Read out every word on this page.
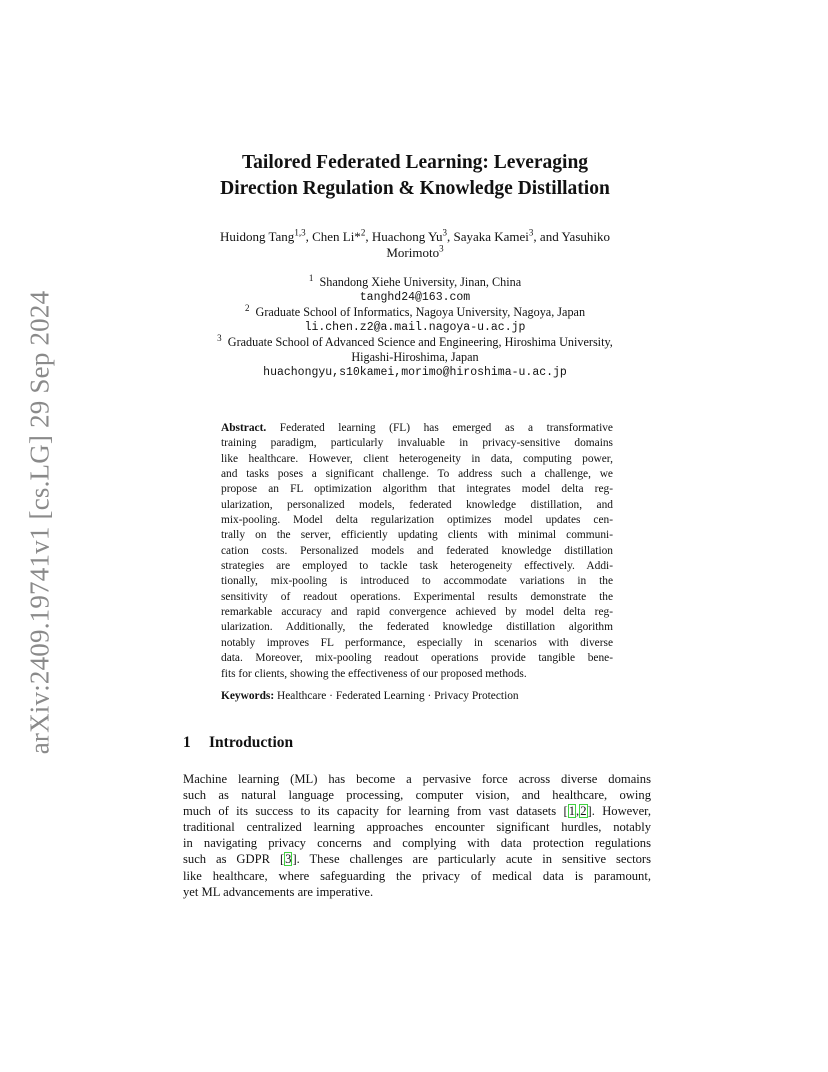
arXiv:2409.19741v1 [cs.LG] 29 Sep 2024
Tailored Federated Learning: Leveraging
Direction Regulation & Knowledge Distillation
Huidong Tang$^{1,3}$, Chen Li*$^2$, Huachong Yu$^3$, Sayaka Kamei$^3$, and Yasuhiko
Morimoto$^3$
$^1$ Shandong Xiehe University, Jinan, China
tanghd24@163.com
$^2$ Graduate School of Informatics, Nagoya University, Nagoya, Japan
li.chen.z2@a.mail.nagoya-u.ac.jp
$^3$ Graduate School of Advanced Science and Engineering, Hiroshima University,
Higashi-Hiroshima, Japan
huachongyu,s10kamei,morimo@hiroshima-u.ac.jp
Abstract. Federated learning (FL) has emerged as a transformative
training paradigm, particularly invaluable in privacy-sensitive domains
like healthcare. However, client heterogeneity in data, computing power,
and tasks poses a significant challenge. To address such a challenge, we
propose an FL optimization algorithm that integrates model delta reg-
ularization, personalized models, federated knowledge distillation, and
mix-pooling. Model delta regularization optimizes model updates cen-
trally on the server, efficiently updating clients with minimal communi-
cation costs. Personalized models and federated knowledge distillation
strategies are employed to tackle task heterogeneity effectively. Addi-
tionally, mix-pooling is introduced to accommodate variations in the
sensitivity of readout operations. Experimental results demonstrate the
remarkable accuracy and rapid convergence achieved by model delta reg-
ularization. Additionally, the federated knowledge distillation algorithm
notably improves FL performance, especially in scenarios with diverse
data. Moreover, mix-pooling readout operations provide tangible bene-
fits for clients, showing the effectiveness of our proposed methods.
Keywords: Healthcare · Federated Learning · Privacy Protection
1 Introduction
Machine learning (ML) has become a pervasive force across diverse domains
such as natural language processing, computer vision, and healthcare, owing
much of its success to its capacity for learning from vast datasets [1,2]. However,
traditional centralized learning approaches encounter significant hurdles, notably
in navigating privacy concerns and complying with data protection regulations
such as GDPR [3]. These challenges are particularly acute in sensitive sectors
like healthcare, where safeguarding the privacy of medical data is paramount,
yet ML advancements are imperative.
